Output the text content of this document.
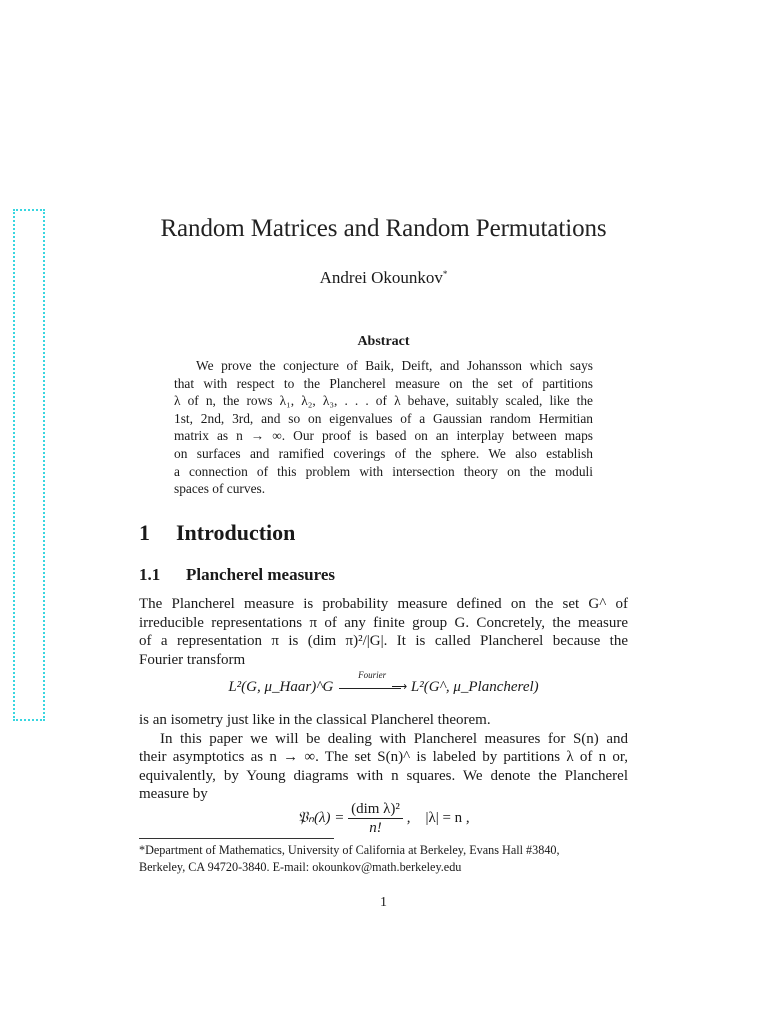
Random Matrices and Random Permutations
Andrei Okounkov*
Abstract
We prove the conjecture of Baik, Deift, and Johansson which says
that with respect to the Plancherel measure on the set of partitions
λ of n, the rows λ₁, λ₂, λ₃, . . . of λ behave, suitably scaled, like the
1st, 2nd, 3rd, and so on eigenvalues of a Gaussian random Hermitian
matrix as n → ∞. Our proof is based on an interplay between maps
on surfaces and ramified coverings of the sphere. We also establish
a connection of this problem with intersection theory on the moduli
spaces of curves.
1 Introduction
1.1 Plancherel measures
The Plancherel measure is probability measure defined on the set G^ of
irreducible representations π of any finite group G. Concretely, the measure
of a representation π is (dim π)²/|G|. It is called Plancherel because the
Fourier transform
L²(G, μ_Haar)^G
Fourier
⟶ L²(G^, μ_Plancherel)
is an isometry just like in the classical Plancherel theorem.
In this paper we will be dealing with Plancherel measures for S(n) and
their asymptotics as n → ∞. The set S(n)^ is labeled by partitions λ of n or,
equivalently, by Young diagrams with n squares. We denote the Plancherel
measure by
𝔓ₙ(λ) = $\frac{\text{(dim λ)²}}{n!}$ ,    |λ| = n ,
*Department of Mathematics, University of California at Berkeley, Evans Hall #3840,
Berkeley, CA 94720-3840. E-mail: okounkov@math.berkeley.edu
1
